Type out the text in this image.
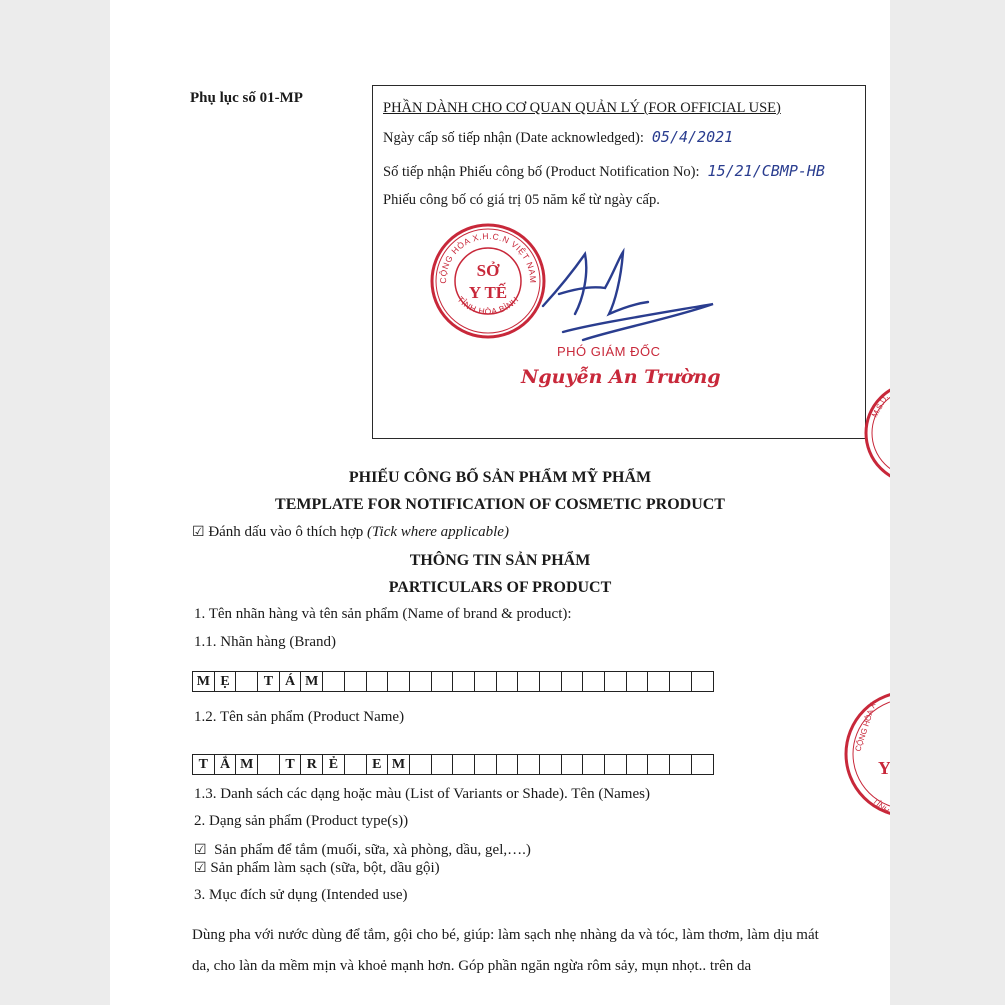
Phụ lục số 01-MP
PHẦN DÀNH CHO CƠ QUAN QUẢN LÝ (FOR OFFICIAL USE)
Ngày cấp số tiếp nhận (Date acknowledged): 05/4/2021
Số tiếp nhận Phiếu công bố (Product Notification No): 15/21/CBMP-HB
Phiếu công bố có giá trị 05 năm kể từ ngày cấp.
CỘNG HÒA X.H.C.N VIỆT NAM
TỈNH HÒA BÌNH
SỞ
Y TẾ
PHÓ GIÁM ĐỐC
Nguyễn An Trường
M.S.D.
CỘNG HÒA X.
Y
TỈNH
PHIẾU CÔNG BỐ SẢN PHẨM MỸ PHẨM
TEMPLATE FOR NOTIFICATION OF COSMETIC PRODUCT
☑ Đánh dấu vào ô thích hợp (Tick where applicable)
THÔNG TIN SẢN PHẨM
PARTICULARS OF PRODUCT
1. Tên nhãn hàng và tên sản phẩm (Name of brand & product):
1.1. Nhãn hàng (Brand)
M Ẹ	T Á M
1.2. Tên sản phẩm (Product Name)
T Ắ M	T R Ẻ	E M
1.3. Danh sách các dạng hoặc màu (List of Variants or Shade). Tên (Names)
2. Dạng sản phẩm (Product type(s))
☑ Sản phẩm để tắm (muối, sữa, xà phòng, dầu, gel,….)
☑ Sản phẩm làm sạch (sữa, bột, dầu gội)
3. Mục đích sử dụng (Intended use)
Dùng pha với nước dùng để tắm, gội cho bé, giúp: làm sạch nhẹ nhàng da và tóc, làm thơm, làm dịu mát da, cho làn da mềm mịn và khoẻ mạnh hơn. Góp phần ngăn ngừa rôm sảy, mụn nhọt.. trên da
